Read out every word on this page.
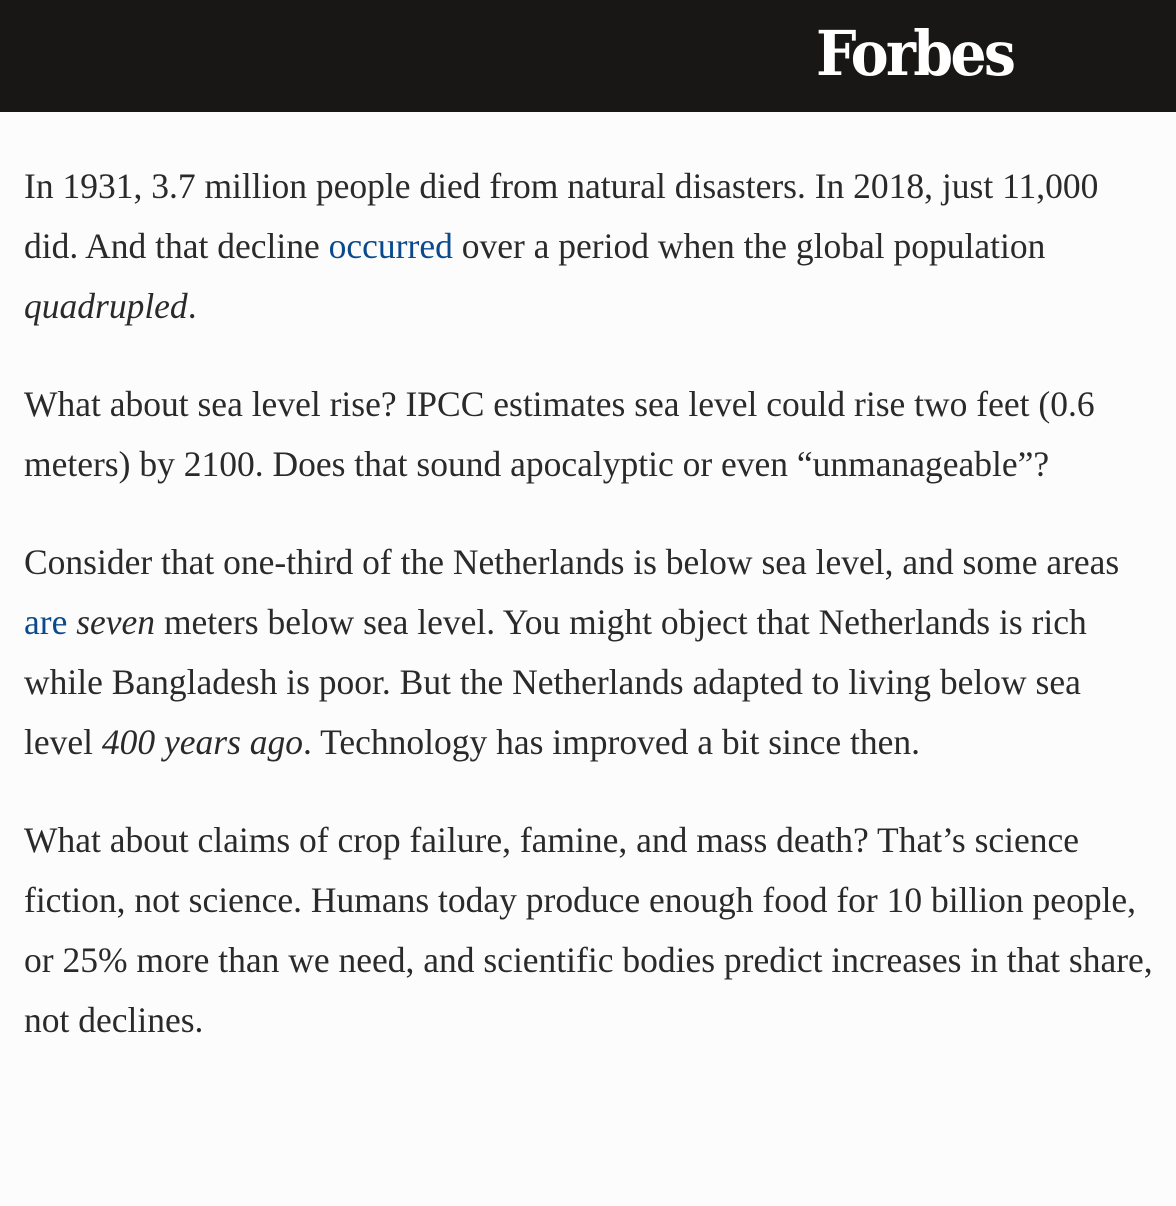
Forbes

In 1931, 3.7 million people died from natural disasters. In 2018, just 11,000 did. And that decline occurred over a period when the global population quadrupled.

What about sea level rise? IPCC estimates sea level could rise two feet (0.6 meters) by 2100. Does that sound apocalyptic or even “unmanageable”?

Consider that one-third of the Netherlands is below sea level, and some areas are seven meters below sea level. You might object that Netherlands is rich while Bangladesh is poor. But the Netherlands adapted to living below sea level 400 years ago. Technology has improved a bit since then.

What about claims of crop failure, famine, and mass death? That’s science fiction, not science. Humans today produce enough food for 10 billion people, or 25% more than we need, and scientific bodies predict increases in that share, not declines.
